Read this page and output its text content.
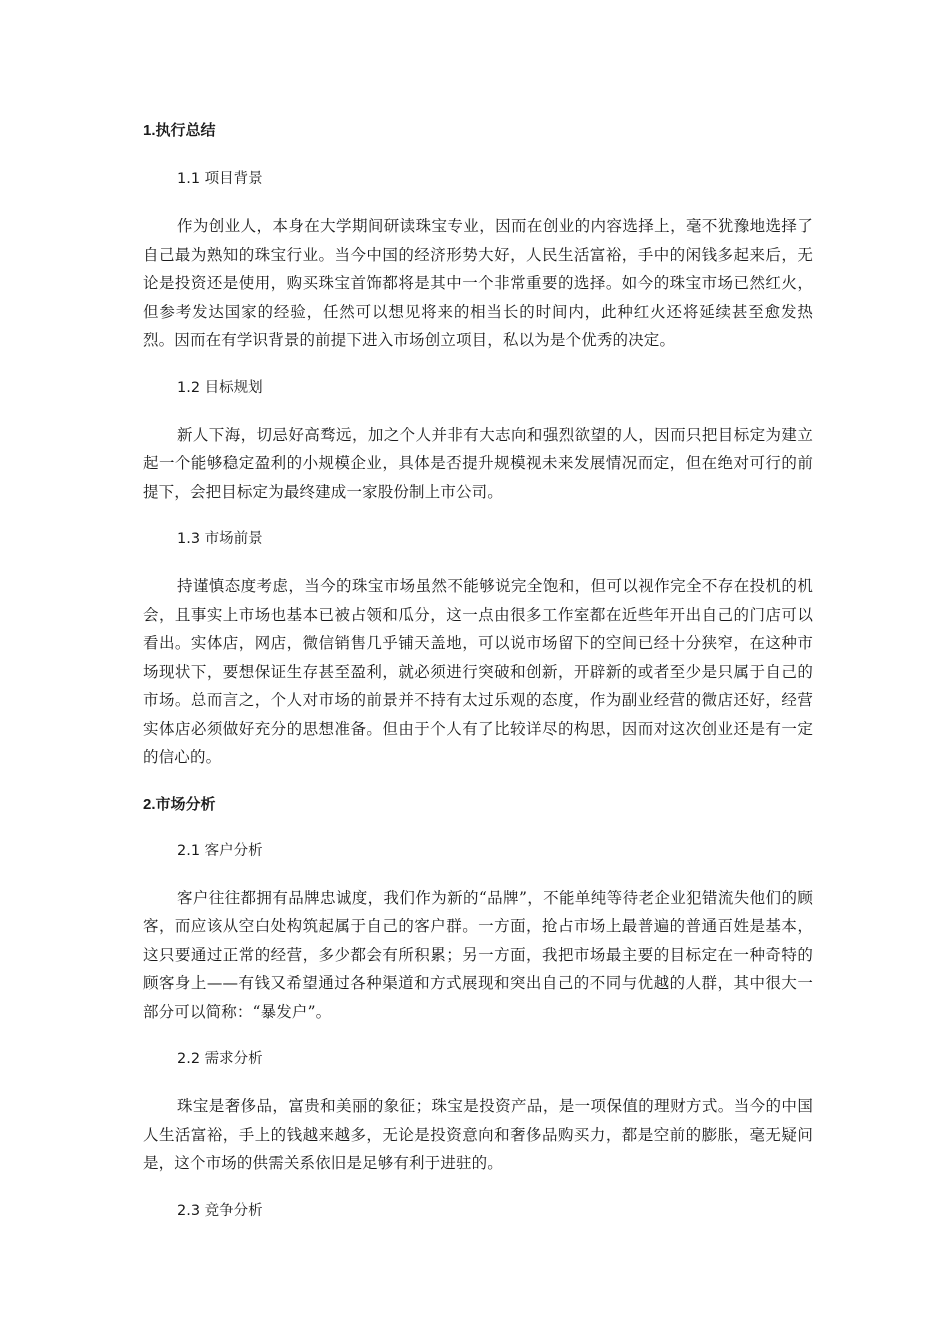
1.执行总结
1.1 项目背景

作为创业人，本身在大学期间研读珠宝专业，因而在创业的内容选择上，毫不犹豫地选择了自己最为熟知的珠宝行业。当今中国的经济形势大好，人民生活富裕，手中的闲钱多起来后，无论是投资还是使用，购买珠宝首饰都将是其中一个非常重要的选择。如今的珠宝市场已然红火，但参考发达国家的经验，任然可以想见将来的相当长的时间内，此种红火还将延续甚至愈发热烈。因而在有学识背景的前提下进入市场创立项目，私以为是个优秀的决定。

1.2 目标规划

新人下海，切忌好高骛远，加之个人并非有大志向和强烈欲望的人，因而只把目标定为建立起一个能够稳定盈利的小规模企业，具体是否提升规模视未来发展情况而定，但在绝对可行的前提下，会把目标定为最终建成一家股份制上市公司。

1.3 市场前景

持谨慎态度考虑，当今的珠宝市场虽然不能够说完全饱和，但可以视作完全不存在投机的机会，且事实上市场也基本已被占领和瓜分，这一点由很多工作室都在近些年开出自己的门店可以看出。实体店，网店，微信销售几乎铺天盖地，可以说市场留下的空间已经十分狭窄，在这种市场现状下，要想保证生存甚至盈利，就必须进行突破和创新，开辟新的或者至少是只属于自己的市场。总而言之，个人对市场的前景并不持有太过乐观的态度，作为副业经营的微店还好，经营实体店必须做好充分的思想准备。但由于个人有了比较详尽的构思，因而对这次创业还是有一定的信心的。

2.市场分析
2.1 客户分析

客户往往都拥有品牌忠诚度，我们作为新的“品牌”，不能单纯等待老企业犯错流失他们的顾客，而应该从空白处构筑起属于自己的客户群。一方面，抢占市场上最普遍的普通百姓是基本，这只要通过正常的经营，多少都会有所积累；另一方面，我把市场最主要的目标定在一种奇特的顾客身上——有钱又希望通过各种渠道和方式展现和突出自己的不同与优越的人群，其中很大一部分可以简称：“暴发户”。

2.2 需求分析

珠宝是奢侈品，富贵和美丽的象征；珠宝是投资产品，是一项保值的理财方式。当今的中国人生活富裕，手上的钱越来越多，无论是投资意向和奢侈品购买力，都是空前的膨胀，毫无疑问是，这个市场的供需关系依旧是足够有利于进驻的。

2.3 竞争分析
